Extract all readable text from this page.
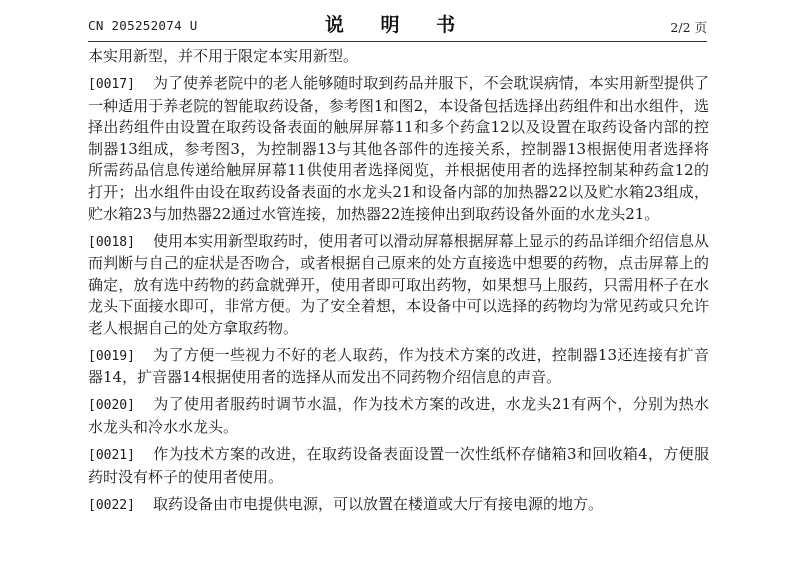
CN 205252074 U	说 明 书	2/2 页

本实用新型，并不用于限定本实用新型。

[0017] 为了使养老院中的老人能够随时取到药品并服下，不会耽误病情，本实用新型提供了一种适用于养老院的智能取药设备，参考图1和图2，本设备包括选择出药组件和出水组件，选择出药组件由设置在取药设备表面的触屏屏幕11和多个药盒12以及设置在取药设备内部的控制器13组成，参考图3，为控制器13与其他各部件的连接关系，控制器13根据使用者选择将所需药品信息传递给触屏屏幕11供使用者选择阅览，并根据使用者的选择控制某种药盒12的打开；出水组件由设在取药设备表面的水龙头21和设备内部的加热器22以及贮水箱23组成，贮水箱23与加热器22通过水管连接，加热器22连接伸出到取药设备外面的水龙头21。

[0018] 使用本实用新型取药时，使用者可以滑动屏幕根据屏幕上显示的药品详细介绍信息从而判断与自己的症状是否吻合，或者根据自己原来的处方直接选中想要的药物，点击屏幕上的确定，放有选中药物的药盒就弹开，使用者即可取出药物，如果想马上服药，只需用杯子在水龙头下面接水即可，非常方便。为了安全着想，本设备中可以选择的药物均为常见药或只允许老人根据自己的处方拿取药物。

[0019] 为了方便一些视力不好的老人取药，作为技术方案的改进，控制器13还连接有扩音器14，扩音器14根据使用者的选择从而发出不同药物介绍信息的声音。

[0020] 为了使用者服药时调节水温，作为技术方案的改进，水龙头21有两个，分别为热水水龙头和冷水水龙头。

[0021] 作为技术方案的改进，在取药设备表面设置一次性纸杯存储箱3和回收箱4，方便服药时没有杯子的使用者使用。

[0022] 取药设备由市电提供电源，可以放置在楼道或大厅有接电源的地方。
